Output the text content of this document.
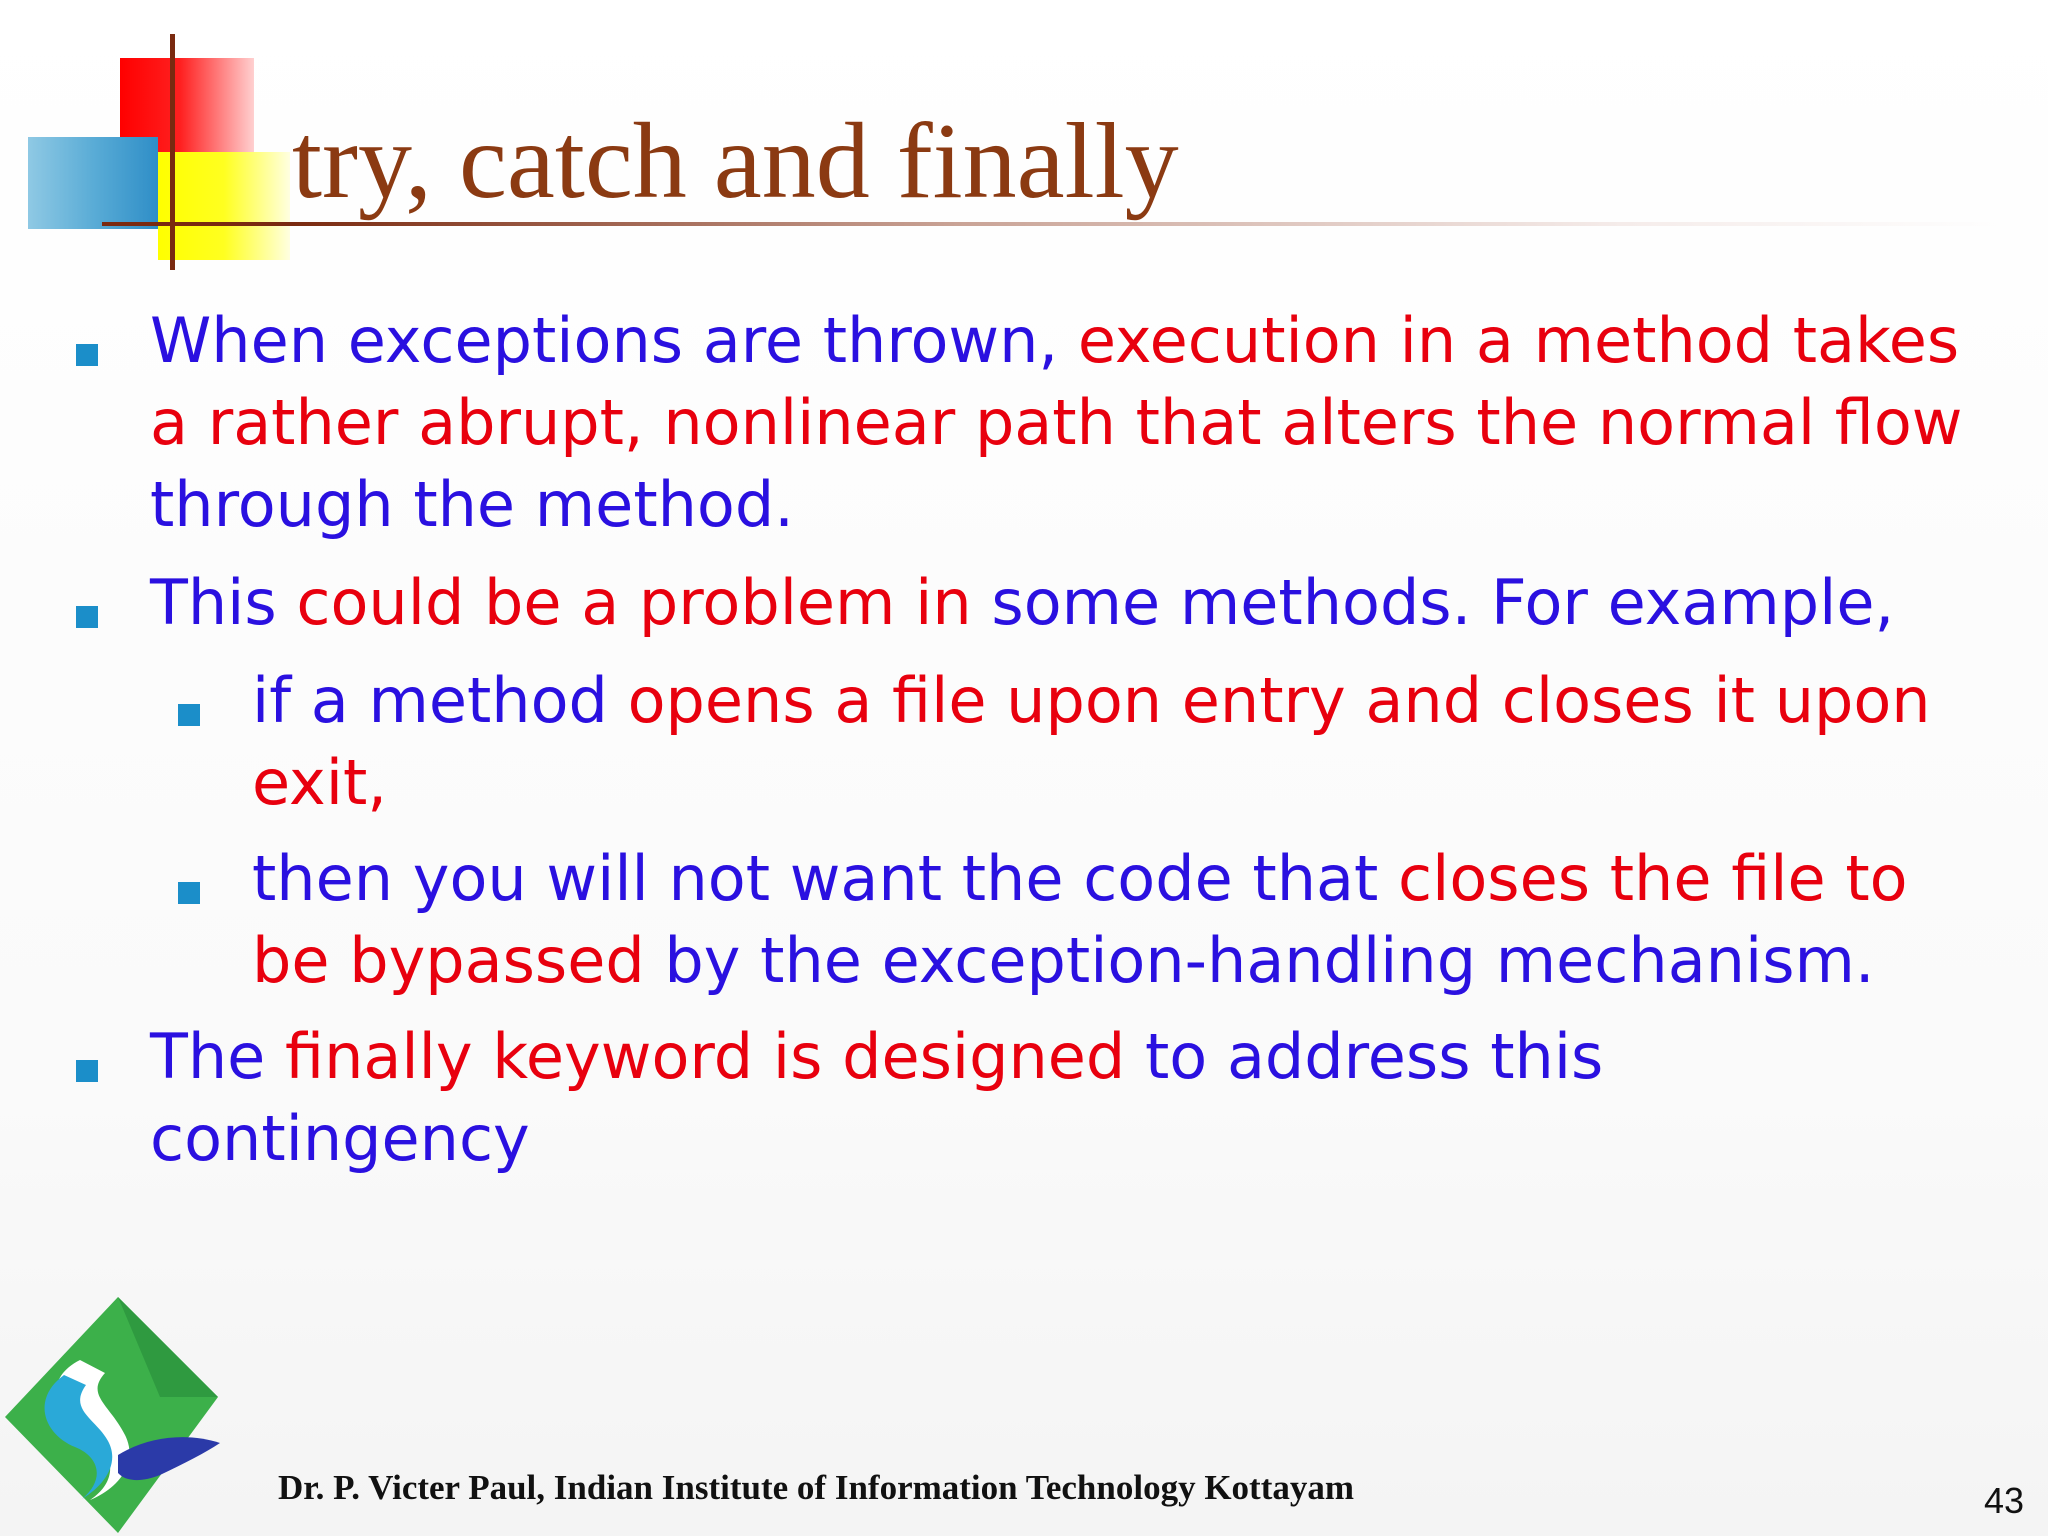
try, catch and finally
When exceptions are thrown, execution in a method takes a rather abrupt, nonlinear path that alters the normal flow through the method.
This could be a problem in some methods. For example,
if a method opens a file upon entry and closes it upon exit,
then you will not want the code that closes the file to be bypassed by the exception-handling mechanism.
The finally keyword is designed to address this contingency
Dr. P. Victer Paul, Indian Institute of Information Technology Kottayam	43
